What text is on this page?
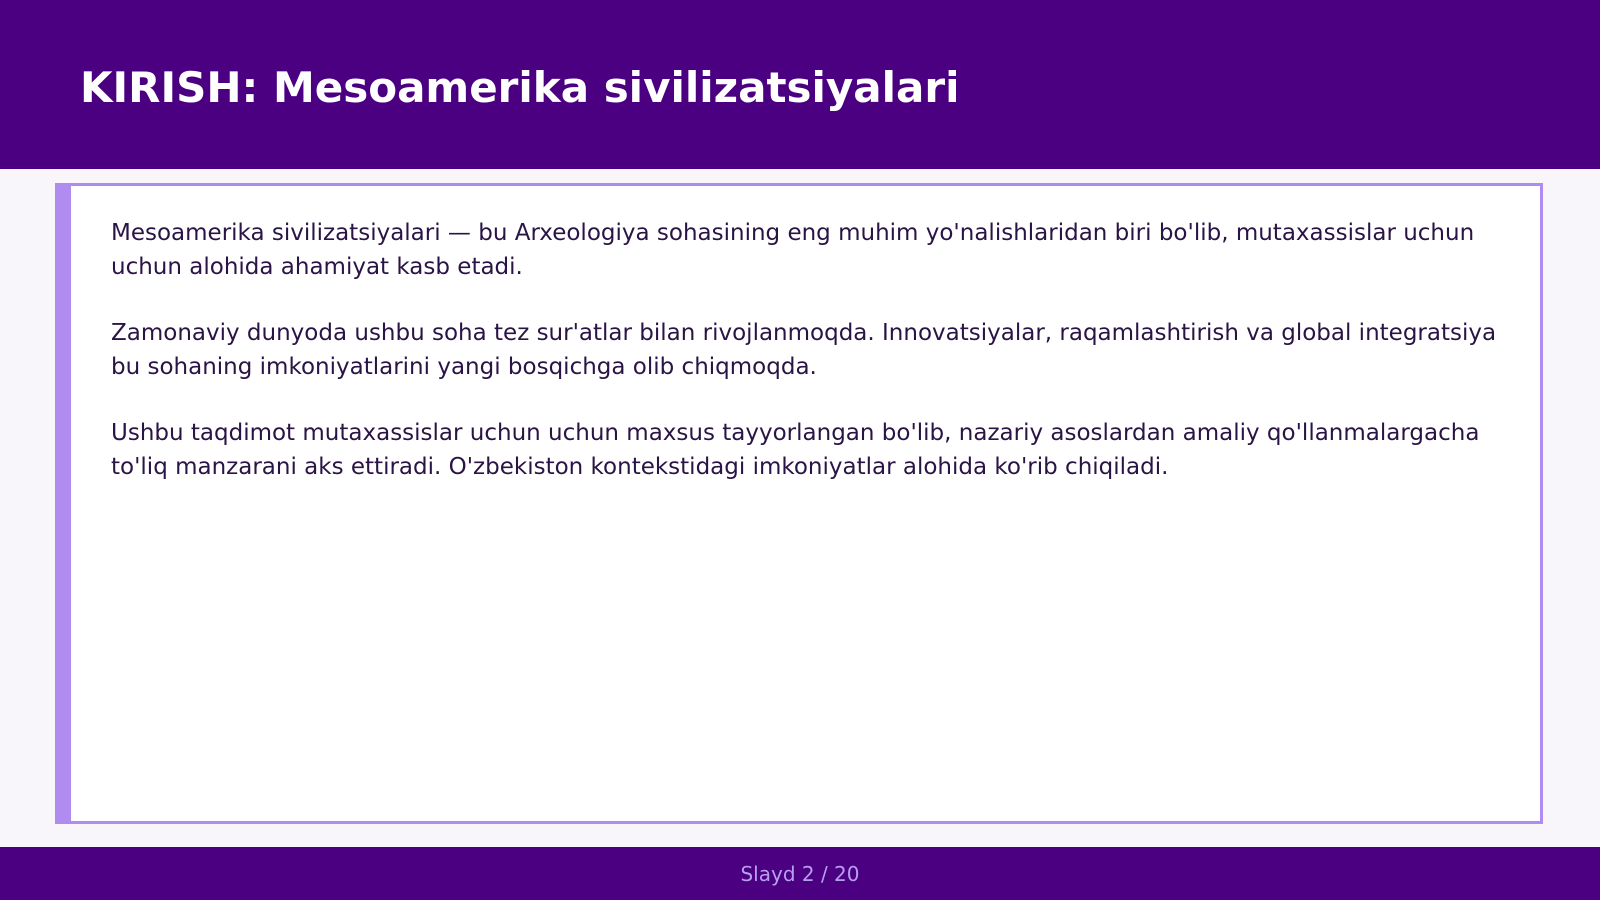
KIRISH: Mesoamerika sivilizatsiyalari

Mesoamerika sivilizatsiyalari — bu Arxeologiya sohasining eng muhim yo'nalishlaridan biri bo'lib, mutaxassislar uchun uchun alohida ahamiyat kasb etadi.

Zamonaviy dunyoda ushbu soha tez sur'atlar bilan rivojlanmoqda. Innovatsiyalar, raqamlashtirish va global integratsiya bu sohaning imkoniyatlarini yangi bosqichga olib chiqmoqda.

Ushbu taqdimot mutaxassislar uchun uchun maxsus tayyorlangan bo'lib, nazariy asoslardan amaliy qo'llanmalargacha to'liq manzarani aks ettiradi. O'zbekiston kontekstidagi imkoniyatlar alohida ko'rib chiqiladi.

Slayd 2 / 20
